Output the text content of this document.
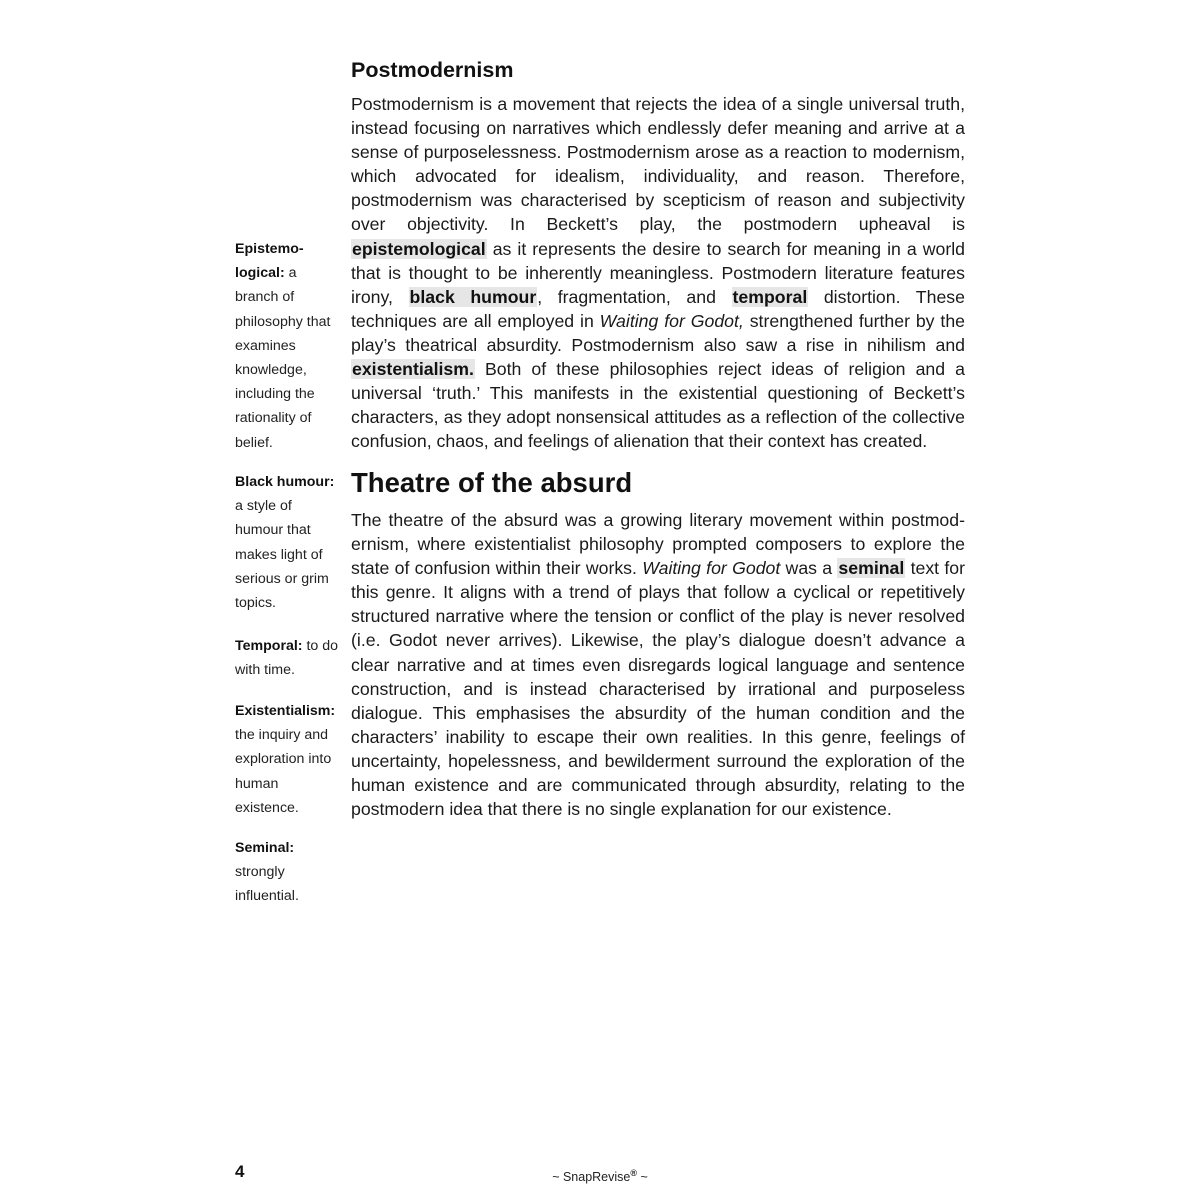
Epistemo-logical: a branch of philosophy that examines knowledge, including the rationality of belief.
Black humour: a style of humour that makes light of serious or grim topics.
Temporal: to do with time.
Existentialism: the inquiry and exploration into human existence.
Seminal: strongly influential.
Postmodernism

Postmodernism is a movement that rejects the idea of a single universal truth, instead focusing on narratives which endlessly defer meaning and arrive at a sense of purposelessness. Postmodernism arose as a reaction to modernism, which advocated for idealism, individuality, and reason. Therefore, postmodernism was characterised by scepticism of reason and subjectivity over objectivity. In Beckett’s play, the postmodern upheaval is epistemological as it represents the desire to search for meaning in a world that is thought to be inherently meaningless. Postmodern literature features irony, black humour, fragmentation, and temporal distortion. These techniques are all employed in Waiting for Godot, strengthened further by the play’s theatrical absurdity. Postmodernism also saw a rise in nihilism and existentialism. Both of these philosophies reject ideas of religion and a universal ‘truth.’ This manifests in the existential questioning of Beckett’s characters, as they adopt nonsensical attitudes as a reflection of the collective confusion, chaos, and feelings of alienation that their context has created.

Theatre of the absurd

The theatre of the absurd was a growing literary movement within postmodernism, where existentialist philosophy prompted composers to explore the state of confusion within their works. Waiting for Godot was a seminal text for this genre. It aligns with a trend of plays that follow a cyclical or repetitively structured narrative where the tension or conflict of the play is never resolved (i.e. Godot never arrives). Likewise, the play’s dialogue doesn’t advance a clear narrative and at times even disregards logical language and sentence construction, and is instead characterised by irrational and purposeless dialogue. This emphasises the absurdity of the human condition and the characters’ inability to escape their own realities. In this genre, feelings of uncertainty, hopelessness, and bewilderment surround the exploration of the human existence and are communicated through absurdity, relating to the postmodern idea that there is no single explanation for our existence.

4	~ SnapRevise® ~
